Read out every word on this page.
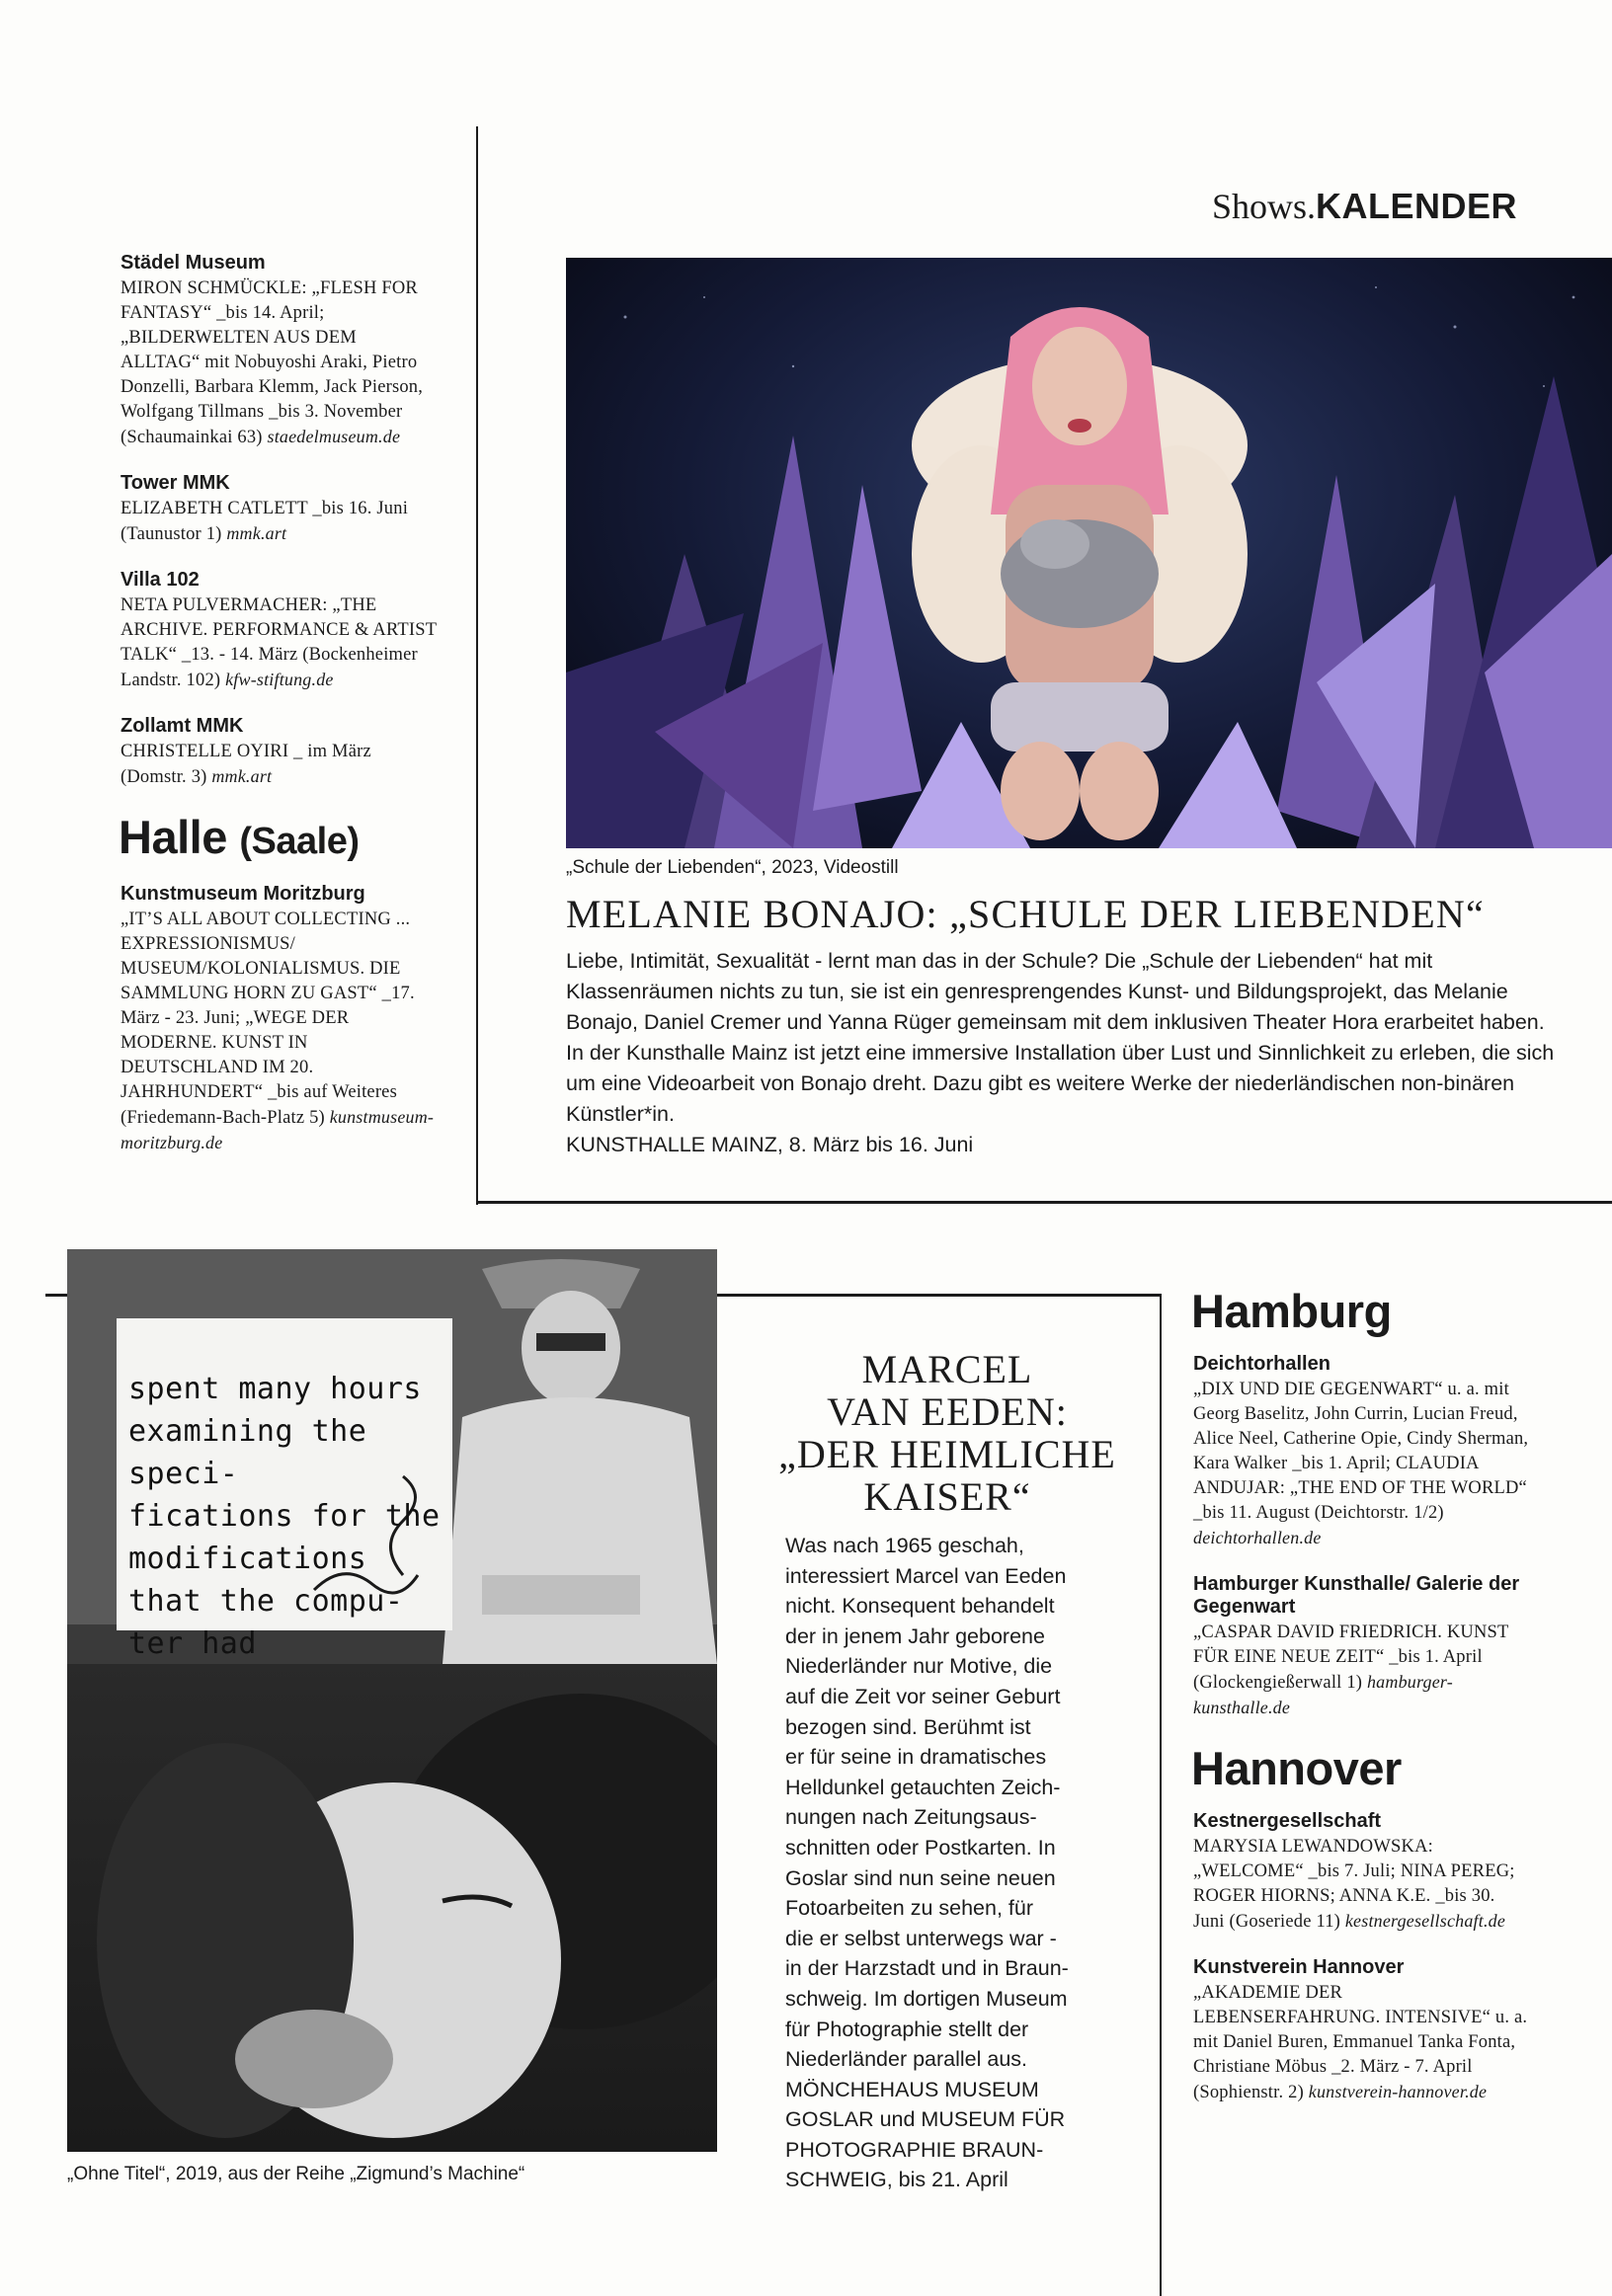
Shows.KALENDER
Städel Museum

MIRON SCHMÜCKLE: „FLESH FOR FANTASY“ _bis 14. April; „BILDERWELTEN AUS DEM ALLTAG“ mit Nobuyoshi Araki, Pietro Donzelli, Barbara Klemm, Jack Pierson, Wolfgang Tillmans _bis 3. November (Schaumainkai 63) staedelmuseum.de

Tower MMK

ELIZABETH CATLETT _bis 16. Juni (Taunustor 1) mmk.art

Villa 102

NETA PULVERMACHER: „THE ARCHIVE. PERFORMANCE & ARTIST TALK“ _13. - 14. März (Bockenheimer Landstr. 102) kfw-stiftung.de

Zollamt MMK

CHRISTELLE OYIRI _ im März (Domstr. 3) mmk.art

Halle (Saale)
Kunstmuseum Moritzburg

„IT’S ALL ABOUT COLLECTING ... EXPRESSIONISMUS/ MUSEUM/KOLONIALISMUS. DIE SAMMLUNG HORN ZU GAST“ _17. März - 23. Juni; „WEGE DER MODERNE. KUNST IN DEUTSCHLAND IM 20. JAHRHUNDERT“ _bis auf Weiteres (Friedemann-Bach-Platz 5) kunstmuseum-moritzburg.de

„Schule der Liebenden“, 2023, Videostill
MELANIE BONAJO: „SCHULE DER LIEBENDEN“
Liebe, Intimität, Sexualität - lernt man das in der Schule? Die „Schule der Liebenden“ hat mit Klassenräumen nichts zu tun, sie ist ein genresprengendes Kunst- und Bildungsprojekt, das Melanie Bonajo, Daniel Cremer und Yanna Rüger gemeinsam mit dem inklusiven Theater Hora erarbeitet haben. In der Kunsthalle Mainz ist jetzt eine immersive Installation über Lust und Sinnlichkeit zu erleben, die sich um eine Videoarbeit von Bonajo dreht. Dazu gibt es weitere Werke der niederländischen non-binären Künstler*in.
KUNSTHALLE MAINZ, 8. März bis 16. Juni
spent many hours
examining the speci-
fications for the
modifications
that the compu-
ter had
„Ohne Titel“, 2019, aus der Reihe „Zigmund’s Machine“
MARCEL
VAN EEDEN:
„DER HEIMLICHE
KAISER“
Was nach 1965 geschah,
interessiert Marcel van Eeden
nicht. Konsequent behandelt
der in jenem Jahr geborene
Niederländer nur Motive, die
auf die Zeit vor seiner Geburt
bezogen sind. Berühmt ist
er für seine in dramatisches
Helldunkel getauchten Zeich-
nungen nach Zeitungsaus-
schnitten oder Postkarten. In
Goslar sind nun seine neuen
Fotoarbeiten zu sehen, für
die er selbst unterwegs war -
in der Harzstadt und in Braun-
schweig. Im dortigen Museum
für Photographie stellt der
Niederländer parallel aus.
MÖNCHEHAUS MUSEUM
GOSLAR und MUSEUM FÜR
PHOTOGRAPHIE BRAUN-
SCHWEIG, bis 21. April
Hamburg
Deichtorhallen

„DIX UND DIE GEGENWART“ u. a. mit Georg Baselitz, John Currin, Lucian Freud, Alice Neel, Catherine Opie, Cindy Sherman, Kara Walker _bis 1. April; CLAUDIA ANDUJAR: „THE END OF THE WORLD“ _bis 11. August (Deichtorstr. 1/2) deichtorhallen.de

Hamburger Kunsthalle/ Galerie der Gegenwart

„CASPAR DAVID FRIEDRICH. KUNST FÜR EINE NEUE ZEIT“ _bis 1. April (Glockengießerwall 1) hamburger-kunsthalle.de

Hannover
Kestnergesellschaft

MARYSIA LEWANDOWSKA: „WELCOME“ _bis 7. Juli; NINA PEREG; ROGER HIORNS; ANNA K.E. _bis 30. Juni (Goseriede 11) kestnergesellschaft.de

Kunstverein Hannover

„AKADEMIE DER LEBENSERFAHRUNG. INTENSIVE“ u. a. mit Daniel Buren, Emmanuel Tanka Fonta, Christiane Möbus _2. März - 7. April (Sophienstr. 2) kunstverein-hannover.de
